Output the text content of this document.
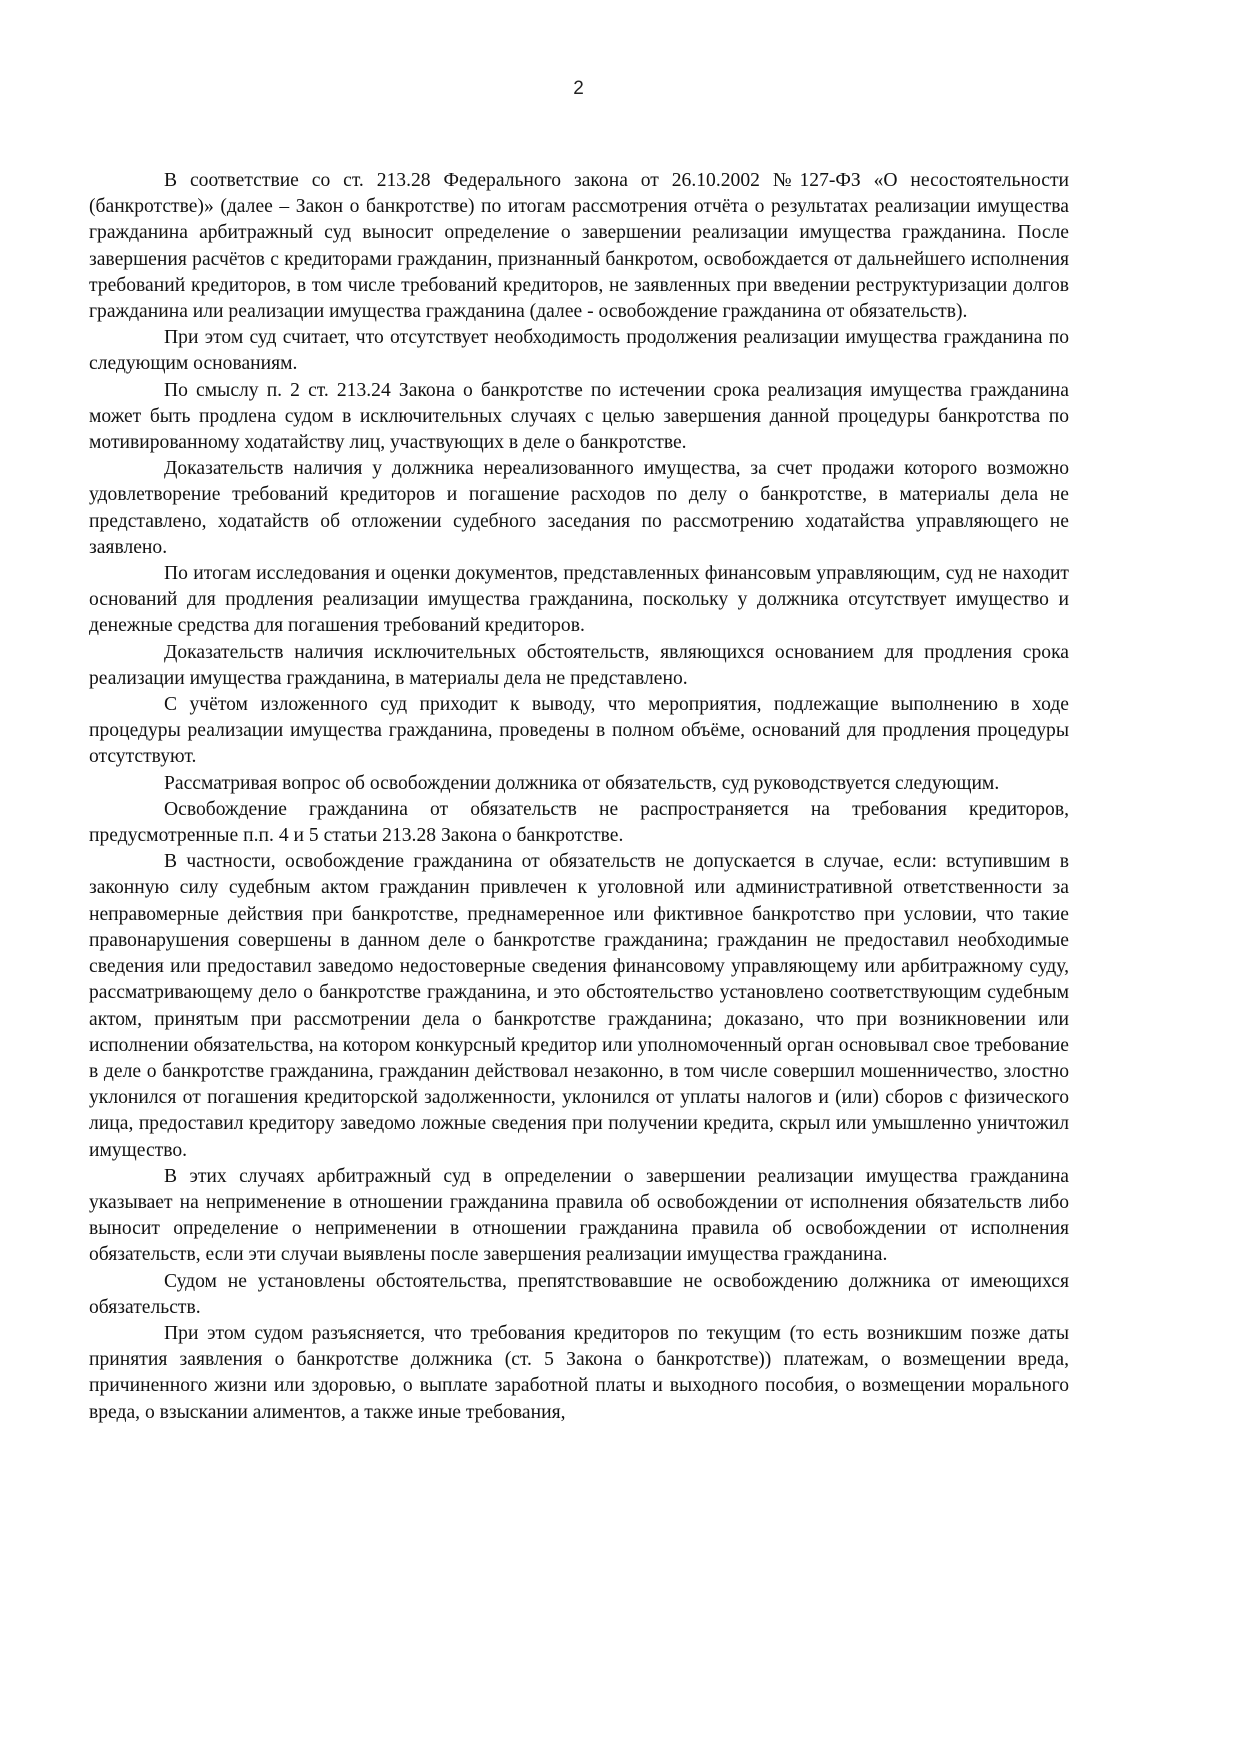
2

В соответствие со ст. 213.28 Федерального закона от 26.10.2002 №127-ФЗ «О несостоятельности (банкротстве)» (далее – Закон о банкротстве) по итогам рассмотрения отчёта о результатах реализации имущества гражданина арбитражный суд выносит определение о завершении реализации имущества гражданина. После завершения расчётов с кредиторами гражданин, признанный банкротом, освобождается от дальнейшего исполнения требований кредиторов, в том числе требований кредиторов, не заявленных при введении реструктуризации долгов гражданина или реализации имущества гражданина (далее - освобождение гражданина от обязательств).

При этом суд считает, что отсутствует необходимость продолжения реализации имущества гражданина по следующим основаниям.

По смыслу п. 2 ст. 213.24 Закона о банкротстве по истечении срока реализация имущества гражданина может быть продлена судом в исключительных случаях с целью завершения данной процедуры банкротства по мотивированному ходатайству лиц, участвующих в деле о банкротстве.

Доказательств наличия у должника нереализованного имущества, за счет продажи которого возможно удовлетворение требований кредиторов и погашение расходов по делу о банкротстве, в материалы дела не представлено, ходатайств об отложении судебного заседания по рассмотрению ходатайства управляющего не заявлено.

По итогам исследования и оценки документов, представленных финансовым управляющим, суд не находит оснований для продления реализации имущества гражданина, поскольку у должника отсутствует имущество и денежные средства для погашения требований кредиторов.

Доказательств наличия исключительных обстоятельств, являющихся основанием для продления срока реализации имущества гражданина, в материалы дела не представлено.

С учётом изложенного суд приходит к выводу, что мероприятия, подлежащие выполнению в ходе процедуры реализации имущества гражданина, проведены в полном объёме, оснований для продления процедуры отсутствуют.

Рассматривая вопрос об освобождении должника от обязательств, суд руководствуется следующим.

Освобождение гражданина от обязательств не распространяется на требования кредиторов, предусмотренные п.п. 4 и 5 статьи 213.28 Закона о банкротстве.

В частности, освобождение гражданина от обязательств не допускается в случае, если: вступившим в законную силу судебным актом гражданин привлечен к уголовной или административной ответственности за неправомерные действия при банкротстве, преднамеренное или фиктивное банкротство при условии, что такие правонарушения совершены в данном деле о банкротстве гражданина; гражданин не предоставил необходимые сведения или предоставил заведомо недостоверные сведения финансовому управляющему или арбитражному суду, рассматривающему дело о банкротстве гражданина, и это обстоятельство установлено соответствующим судебным актом, принятым при рассмотрении дела о банкротстве гражданина; доказано, что при возникновении или исполнении обязательства, на котором конкурсный кредитор или уполномоченный орган основывал свое требование в деле о банкротстве гражданина, гражданин действовал незаконно, в том числе совершил мошенничество, злостно уклонился от погашения кредиторской задолженности, уклонился от уплаты налогов и (или) сборов с физического лица, предоставил кредитору заведомо ложные сведения при получении кредита, скрыл или умышленно уничтожил имущество.

В этих случаях арбитражный суд в определении о завершении реализации имущества гражданина указывает на неприменение в отношении гражданина правила об освобождении от исполнения обязательств либо выносит определение о неприменении в отношении гражданина правила об освобождении от исполнения обязательств, если эти случаи выявлены после завершения реализации имущества гражданина.

Судом не установлены обстоятельства, препятствовавшие не освобождению должника от имеющихся обязательств.

При этом судом разъясняется, что требования кредиторов по текущим (то есть возникшим позже даты принятия заявления о банкротстве должника (ст. 5 Закона о банкротстве)) платежам, о возмещении вреда, причиненного жизни или здоровью, о выплате заработной платы и выходного пособия, о возмещении морального вреда, о взыскании алиментов, а также иные требования,
